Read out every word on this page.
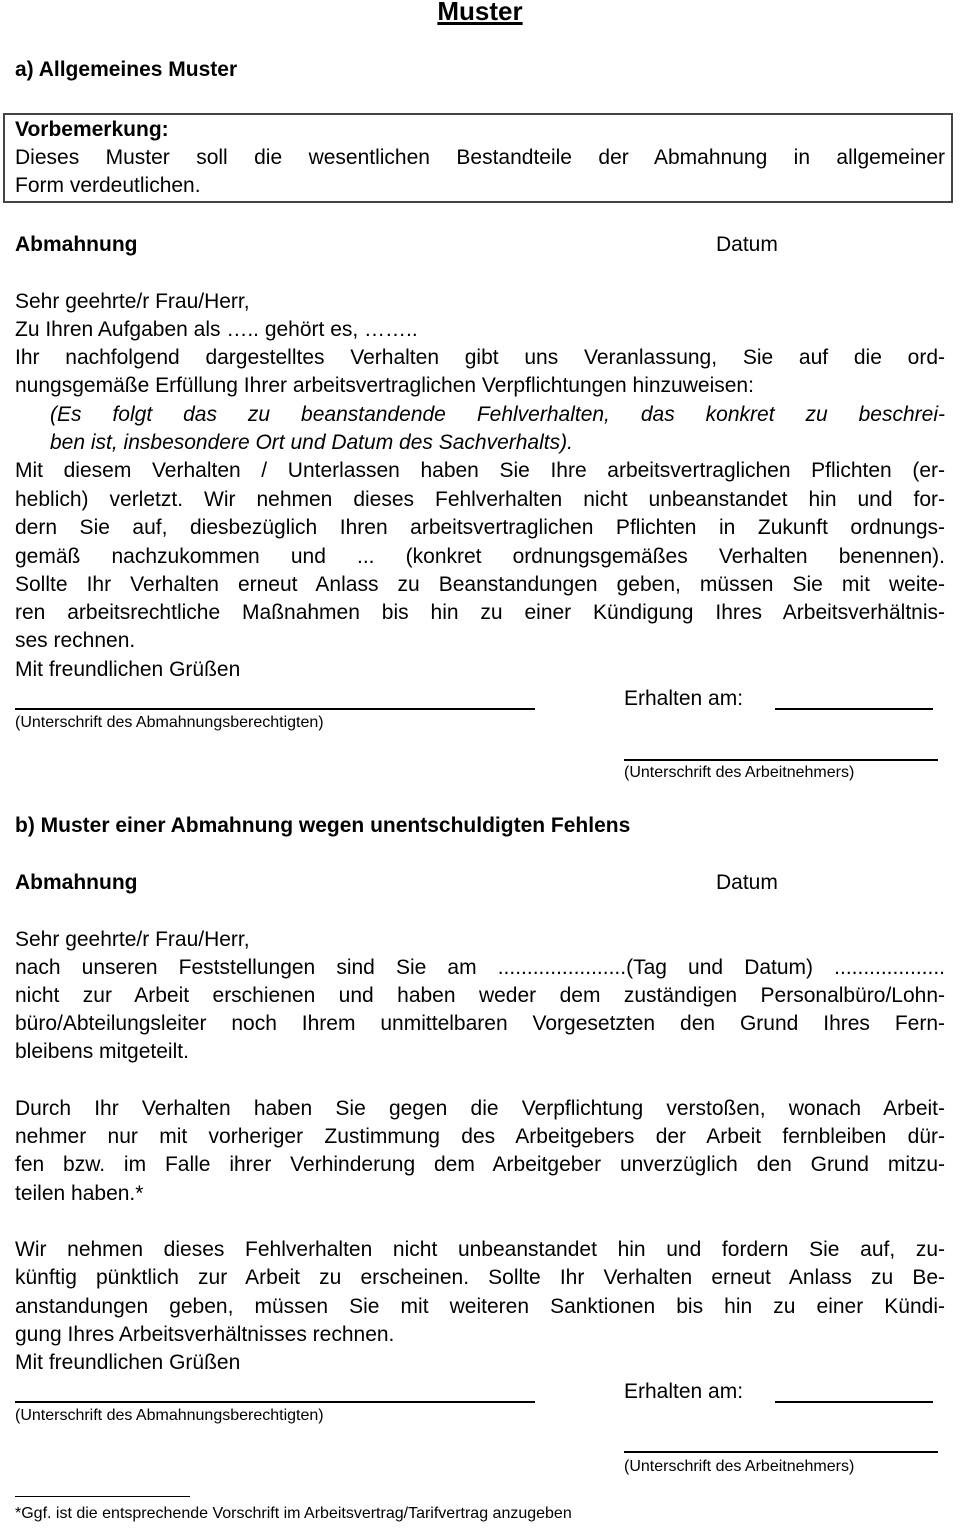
Muster
a) Allgemeines Muster
Vorbemerkung:
Dieses Muster soll die wesentlichen Bestandteile der Abmahnung in allgemeiner
Form verdeutlichen.
Abmahnung	Datum
Sehr geehrte/r Frau/Herr,
Zu Ihren Aufgaben als ….. gehört es, ……..
Ihr nachfolgend dargestelltes Verhalten gibt uns Veranlassung, Sie auf die ord-
nungsgemäße Erfüllung Ihrer arbeitsvertraglichen Verpflichtungen hinzuweisen:
(Es folgt das zu beanstandende Fehlverhalten, das konkret zu beschrei-
ben ist, insbesondere Ort und Datum des Sachverhalts).
Mit diesem Verhalten / Unterlassen haben Sie Ihre arbeitsvertraglichen Pflichten (er-
heblich) verletzt. Wir nehmen dieses Fehlverhalten nicht unbeanstandet hin und for-
dern Sie auf, diesbezüglich Ihren arbeitsvertraglichen Pflichten in Zukunft ordnungs-
gemäß nachzukommen und ... (konkret ordnungsgemäßes Verhalten benennen).
Sollte Ihr Verhalten erneut Anlass zu Beanstandungen geben, müssen Sie mit weite-
ren arbeitsrechtliche Maßnahmen bis hin zu einer Kündigung Ihres Arbeitsverhältnis-
ses rechnen.
Mit freundlichen Grüßen
(Unterschrift des Abmahnungsberechtigten)
Erhalten am:
(Unterschrift des Arbeitnehmers)
b) Muster einer Abmahnung wegen unentschuldigten Fehlens
Abmahnung	Datum
Sehr geehrte/r Frau/Herr,
nach unseren Feststellungen sind Sie am ......................(Tag und Datum) ...................
nicht zur Arbeit erschienen und haben weder dem zuständigen Personalbüro/Lohn-
büro/Abteilungsleiter noch Ihrem unmittelbaren Vorgesetzten den Grund Ihres Fern-
bleibens mitgeteilt.
Durch Ihr Verhalten haben Sie gegen die Verpflichtung verstoßen, wonach Arbeit-
nehmer nur mit vorheriger Zustimmung des Arbeitgebers der Arbeit fernbleiben dür-
fen bzw. im Falle ihrer Verhinderung dem Arbeitgeber unverzüglich den Grund mitzu-
teilen haben.*
Wir nehmen dieses Fehlverhalten nicht unbeanstandet hin und fordern Sie auf, zu-
künftig pünktlich zur Arbeit zu erscheinen. Sollte Ihr Verhalten erneut Anlass zu Be-
anstandungen geben, müssen Sie mit weiteren Sanktionen bis hin zu einer Kündi-
gung Ihres Arbeitsverhältnisses rechnen.
Mit freundlichen Grüßen
(Unterschrift des Abmahnungsberechtigten)
Erhalten am:
(Unterschrift des Arbeitnehmers)
*Ggf. ist die entsprechende Vorschrift im Arbeitsvertrag/Tarifvertrag anzugeben
